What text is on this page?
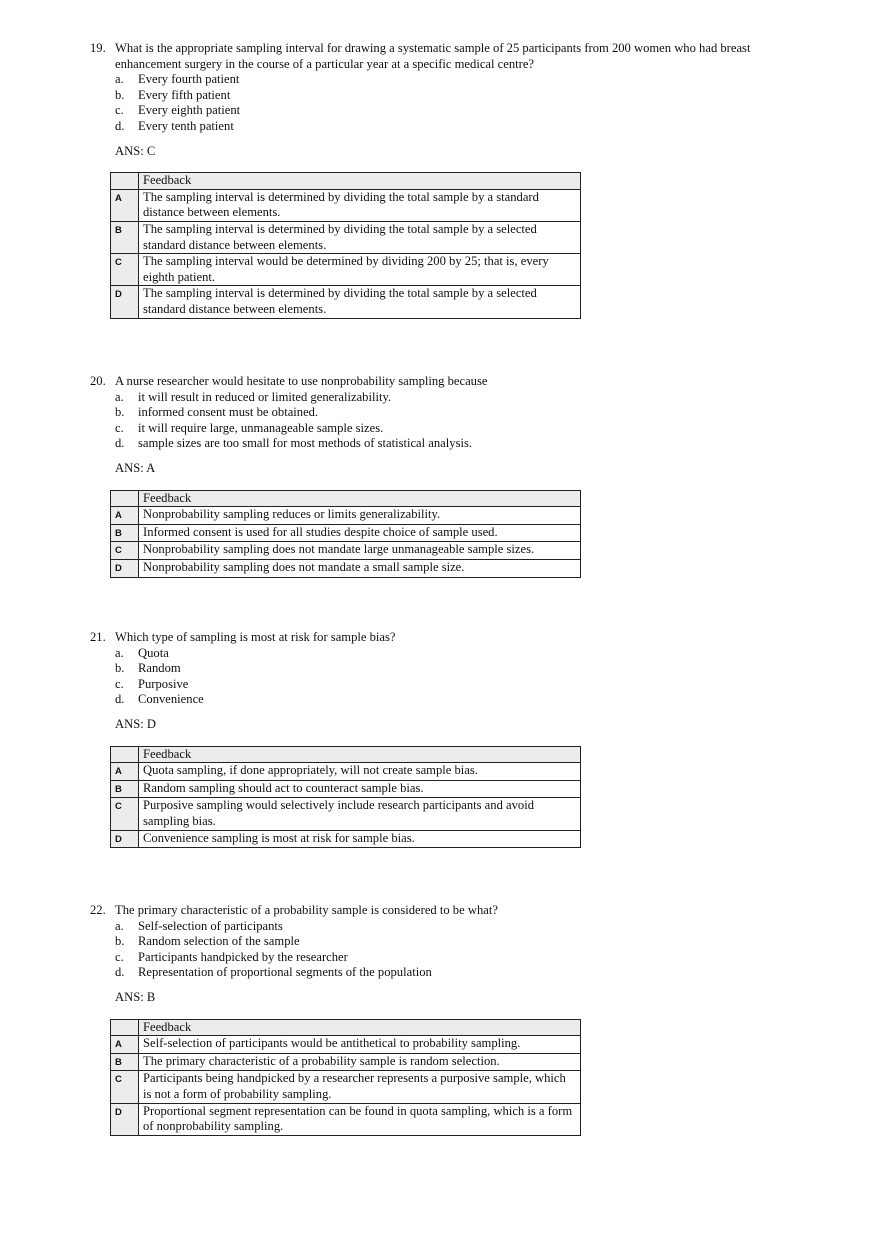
19. What is the appropriate sampling interval for drawing a systematic sample of 25 participants from 200 women who had breast enhancement surgery in the course of a particular year at a specific medical centre?
a.	Every fourth patient
b.	Every fifth patient
c.	Every eighth patient
d.	Every tenth patient
ANS: C
	Feedback
A	The sampling interval is determined by dividing the total sample by a standard distance between elements.
B	The sampling interval is determined by dividing the total sample by a selected standard distance between elements.
C	The sampling interval would be determined by dividing 200 by 25; that is, every eighth patient.
D	The sampling interval is determined by dividing the total sample by a selected standard distance between elements.
20. A nurse researcher would hesitate to use nonprobability sampling because
a.	it will result in reduced or limited generalizability.
b.	informed consent must be obtained.
c.	it will require large, unmanageable sample sizes.
d.	sample sizes are too small for most methods of statistical analysis.
ANS: A
	Feedback
A	Nonprobability sampling reduces or limits generalizability.
B	Informed consent is used for all studies despite choice of sample used.
C	Nonprobability sampling does not mandate large unmanageable sample sizes.
D	Nonprobability sampling does not mandate a small sample size.
21. Which type of sampling is most at risk for sample bias?
a.	Quota
b.	Random
c.	Purposive
d.	Convenience
ANS: D
	Feedback
A	Quota sampling, if done appropriately, will not create sample bias.
B	Random sampling should act to counteract sample bias.
C	Purposive sampling would selectively include research participants and avoid sampling bias.
D	Convenience sampling is most at risk for sample bias.
22. The primary characteristic of a probability sample is considered to be what?
a.	Self-selection of participants
b.	Random selection of the sample
c.	Participants handpicked by the researcher
d.	Representation of proportional segments of the population
ANS: B
	Feedback
A	Self-selection of participants would be antithetical to probability sampling.
B	The primary characteristic of a probability sample is random selection.
C	Participants being handpicked by a researcher represents a purposive sample, which is not a form of probability sampling.
D	Proportional segment representation can be found in quota sampling, which is a form of nonprobability sampling.
